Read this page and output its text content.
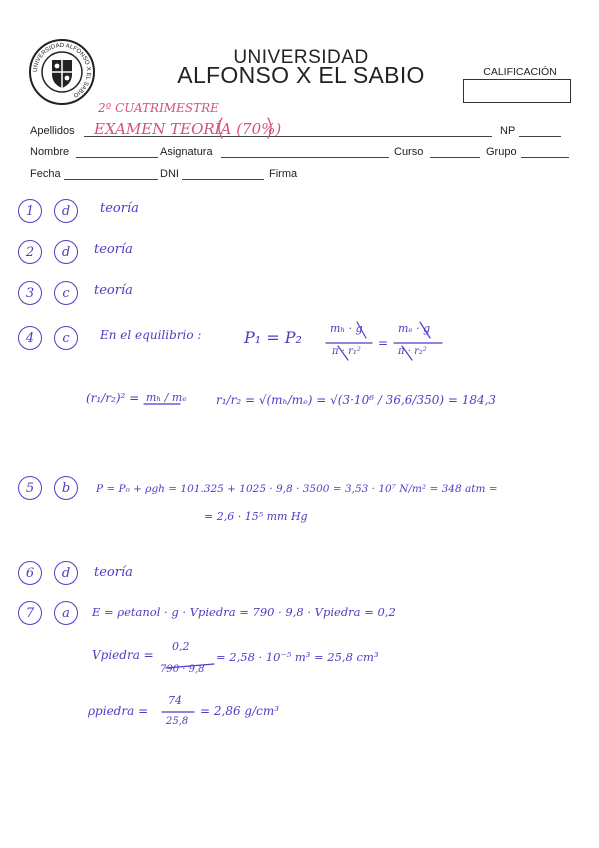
UNIVERSIDAD ALFONSO X EL SABIO
UNIVERSIDAD
ALFONSO X EL SABIO	CALIFICACIÓN
2º CUATRIMESTRE
EXAMEN TEORÍA (70%)
Apellidos	NP
Nombre	Asignatura	Curso	Grupo
Fecha	DNI	Firma
1	d	teoría
2	d	teoría
3	c	teoría
4	c	En el equilibrio :	P₁ = P₂	mₕ · g
π · r₁²
=
mₑ · g
π · r₂²
(r₁/r₂)² = mₕ / mₑ r₁/r₂ = √(mₕ/mₑ) = √(3·10⁶ / 36,6/350) = 184,3
5	b	P = P₀ + ρgh = 101.325 + 1025 · 9,8 · 3500 = 3,53 · 10⁷ N/m² = 348 atm =
= 2,6 · 15⁵ mm Hg
6	d	teoría
7	a	E = ρetanol · g · Vpiedra = 790 · 9,8 · Vpiedra = 0,2
Vpiedra =
0,2
790 · 9,8
= 2,58 · 10⁻⁵ m³ = 25,8 cm³
ρpiedra =
74
25,8
= 2,86 g/cm³
